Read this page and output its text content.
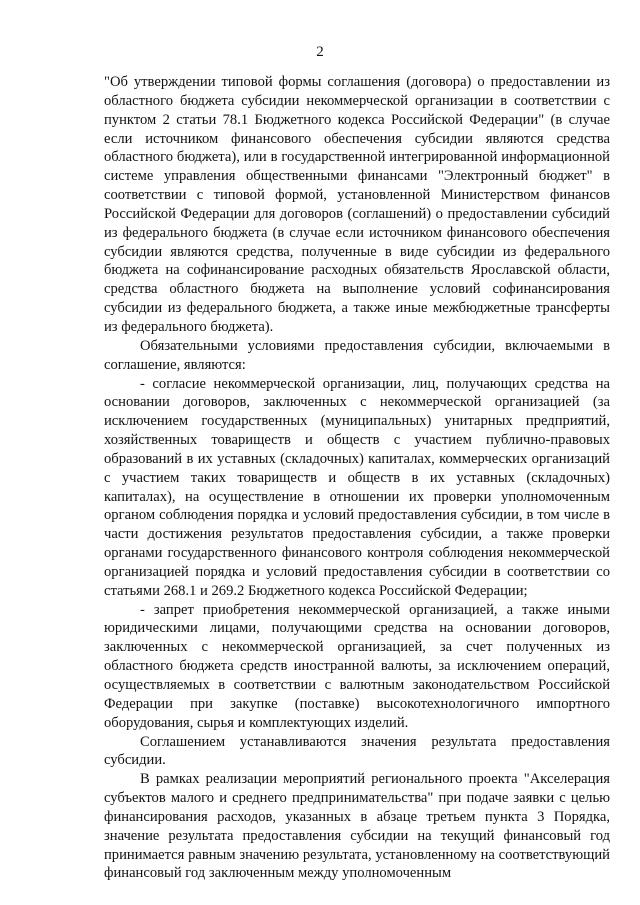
2

"Об утверждении типовой формы соглашения (договора) о предоставлении из областного бюджета субсидии некоммерческой организации в соответствии с пунктом 2 статьи 78.1 Бюджетного кодекса Российской Федерации" (в случае если источником финансового обеспечения субсидии являются средства областного бюджета), или в государственной интегрированной информационной системе управления общественными финансами "Электронный бюджет" в соответствии с типовой формой, установленной Министерством финансов Российской Федерации для договоров (соглашений) о предоставлении субсидий из федерального бюджета (в случае если источником финансового обеспечения субсидии являются средства, полученные в виде субсидии из федерального бюджета на софинансирование расходных обязательств Ярославской области, средства областного бюджета на выполнение условий софинансирования субсидии из федерального бюджета, а также иные межбюджетные трансферты из федерального бюджета).

Обязательными условиями предоставления субсидии, включаемыми в соглашение, являются:

- согласие некоммерческой организации, лиц, получающих средства на основании договоров, заключенных с некоммерческой организацией (за исключением государственных (муниципальных) унитарных предприятий, хозяйственных товариществ и обществ с участием публично-правовых образований в их уставных (складочных) капиталах, коммерческих организаций с участием таких товариществ и обществ в их уставных (складочных) капиталах), на осуществление в отношении их проверки уполномоченным органом соблюдения порядка и условий предоставления субсидии, в том числе в части достижения результатов предоставления субсидии, а также проверки органами государственного финансового контроля соблюдения некоммерческой организацией порядка и условий предоставления субсидии в соответствии со статьями 268.1 и 269.2 Бюджетного кодекса Российской Федерации;

- запрет приобретения некоммерческой организацией, а также иными юридическими лицами, получающими средства на основании договоров, заключенных с некоммерческой организацией, за счет полученных из областного бюджета средств иностранной валюты, за исключением операций, осуществляемых в соответствии с валютным законодательством Российской Федерации при закупке (поставке) высокотехнологичного импортного оборудования, сырья и комплектующих изделий.

Соглашением устанавливаются значения результата предоставления субсидии.

В рамках реализации мероприятий регионального проекта "Акселерация субъектов малого и среднего предпринимательства" при подаче заявки с целью финансирования расходов, указанных в абзаце третьем пункта 3 Порядка, значение результата предоставления субсидии на текущий финансовый год принимается равным значению результата, установленному на соответствующий финансовый год заключенным между уполномоченным
